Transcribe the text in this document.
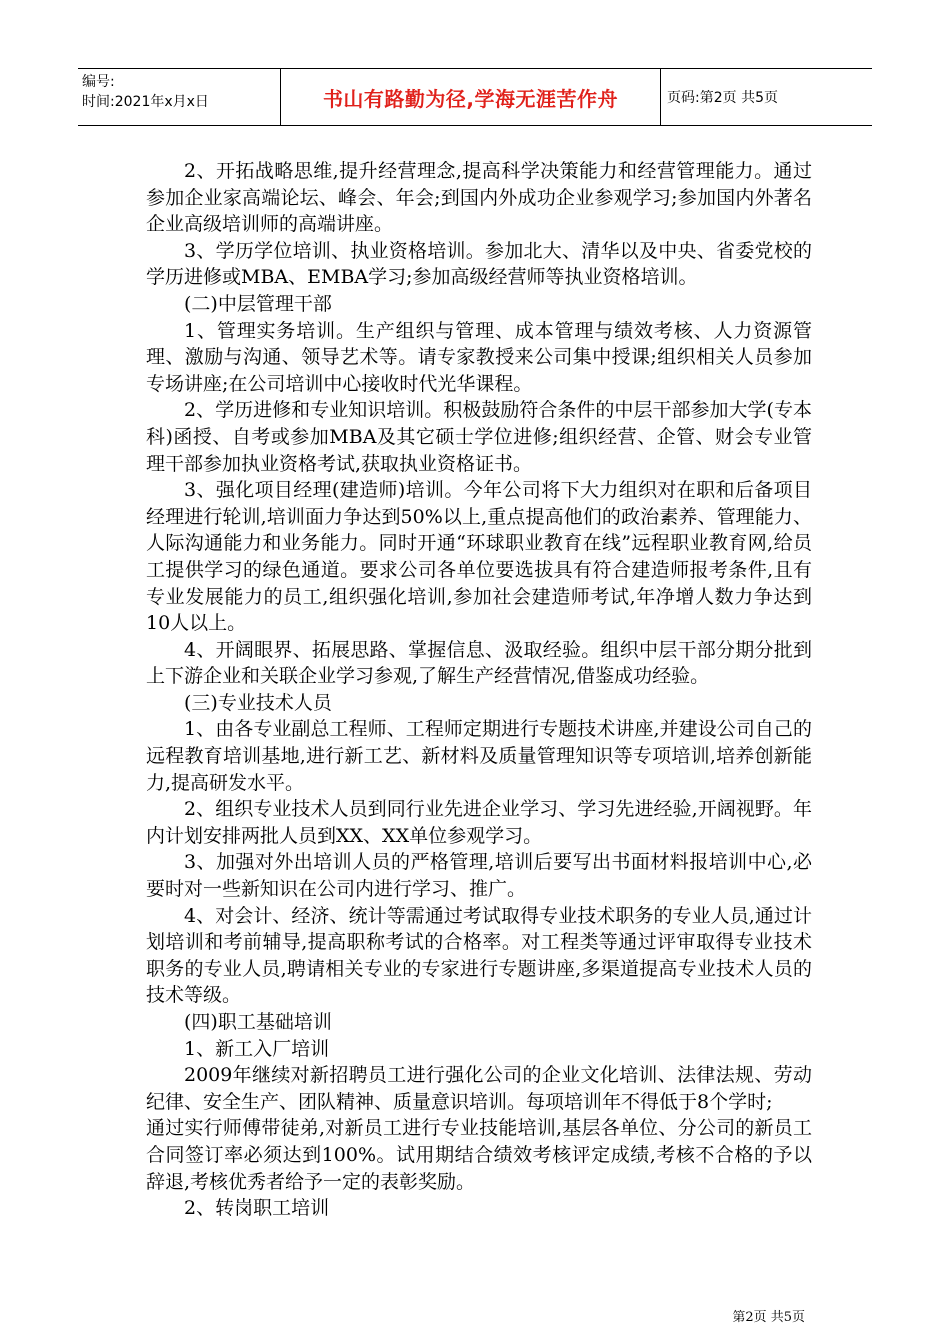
编号:
时间:2021年x月x日	书山有路勤为径,学海无涯苦作舟	页码:第2页 共5页

2、开拓战略思维,提升经营理念,提高科学决策能力和经营管理能力。通过参加企业家高端论坛、峰会、年会;到国内外成功企业参观学习;参加国内外著名企业高级培训师的高端讲座。

3、学历学位培训、执业资格培训。参加北大、清华以及中央、省委党校的学历进修或MBA、EMBA学习;参加高级经营师等执业资格培训。

(二)中层管理干部

1、管理实务培训。生产组织与管理、成本管理与绩效考核、人力资源管理、激励与沟通、领导艺术等。请专家教授来公司集中授课;组织相关人员参加专场讲座;在公司培训中心接收时代光华课程。

2、学历进修和专业知识培训。积极鼓励符合条件的中层干部参加大学(专本科)函授、自考或参加MBA及其它硕士学位进修;组织经营、企管、财会专业管理干部参加执业资格考试,获取执业资格证书。

3、强化项目经理(建造师)培训。今年公司将下大力组织对在职和后备项目经理进行轮训,培训面力争达到50%以上,重点提高他们的政治素养、管理能力、人际沟通能力和业务能力。同时开通“环球职业教育在线”远程职业教育网,给员工提供学习的绿色通道。要求公司各单位要选拔具有符合建造师报考条件,且有专业发展能力的员工,组织强化培训,参加社会建造师考试,年净增人数力争达到10人以上。

4、开阔眼界、拓展思路、掌握信息、汲取经验。组织中层干部分期分批到上下游企业和关联企业学习参观,了解生产经营情况,借鉴成功经验。

(三)专业技术人员

1、由各专业副总工程师、工程师定期进行专题技术讲座,并建设公司自己的远程教育培训基地,进行新工艺、新材料及质量管理知识等专项培训,培养创新能力,提高研发水平。

2、组织专业技术人员到同行业先进企业学习、学习先进经验,开阔视野。年内计划安排两批人员到XX、XX单位参观学习。

3、加强对外出培训人员的严格管理,培训后要写出书面材料报培训中心,必要时对一些新知识在公司内进行学习、推广。

4、对会计、经济、统计等需通过考试取得专业技术职务的专业人员,通过计划培训和考前辅导,提高职称考试的合格率。对工程类等通过评审取得专业技术职务的专业人员,聘请相关专业的专家进行专题讲座,多渠道提高专业技术人员的技术等级。

(四)职工基础培训

1、新工入厂培训

2009年继续对新招聘员工进行强化公司的企业文化培训、法律法规、劳动纪律、安全生产、团队精神、质量意识培训。每项培训年不得低于8个学时;

通过实行师傅带徒弟,对新员工进行专业技能培训,基层各单位、分公司的新员工合同签订率必须达到100%。试用期结合绩效考核评定成绩,考核不合格的予以辞退,考核优秀者给予一定的表彰奖励。

2、转岗职工培训

第2页 共5页
